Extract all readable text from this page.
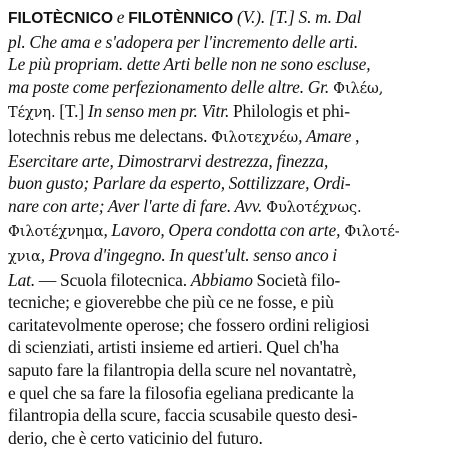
FILOTÈCNICO e FILOTÈNNICO (V.). [T.] S. m. Dal
pl. Che ama e s'adopera per l'incremento delle arti.
Le più propriam. dette Arti belle non ne sono escluse,
ma poste come perfezionamento delle altre. Gr. Φιλέω,
Τέχνη. [T.] In senso men pr. Vitr. Philologis et phi-
lotechnis rebus me delectans. Φιλοτεχνέω, Amare ,
Esercitare arte, Dimostrarvi destrezza, finezza,
buon gusto; Parlare da esperto, Sottilizzare, Ordi-
nare con arte; Aver l'arte di fare. Avv. Φυλοτέχνως.
Φιλοτέχνημα, Lavoro, Opera condotta con arte, Φιλοτέ-
χνια, Prova d'ingegno. In quest'ult. senso anco i
Lat. — Scuola filotecnica. Abbiamo Società filo-
tecniche; e gioverebbe che più ce ne fosse, e più
caritatevolmente operose; che fossero ordini religiosi
di scienziati, artisti insieme ed artieri. Quel ch'ha
saputo fare la filantropia della scure nel novantatrè,
e quel che sa fare la filosofia egeliana predicante la
filantropia della scure, faccia scusabile questo desi-
derio, che è certo vaticinio del futuro.
